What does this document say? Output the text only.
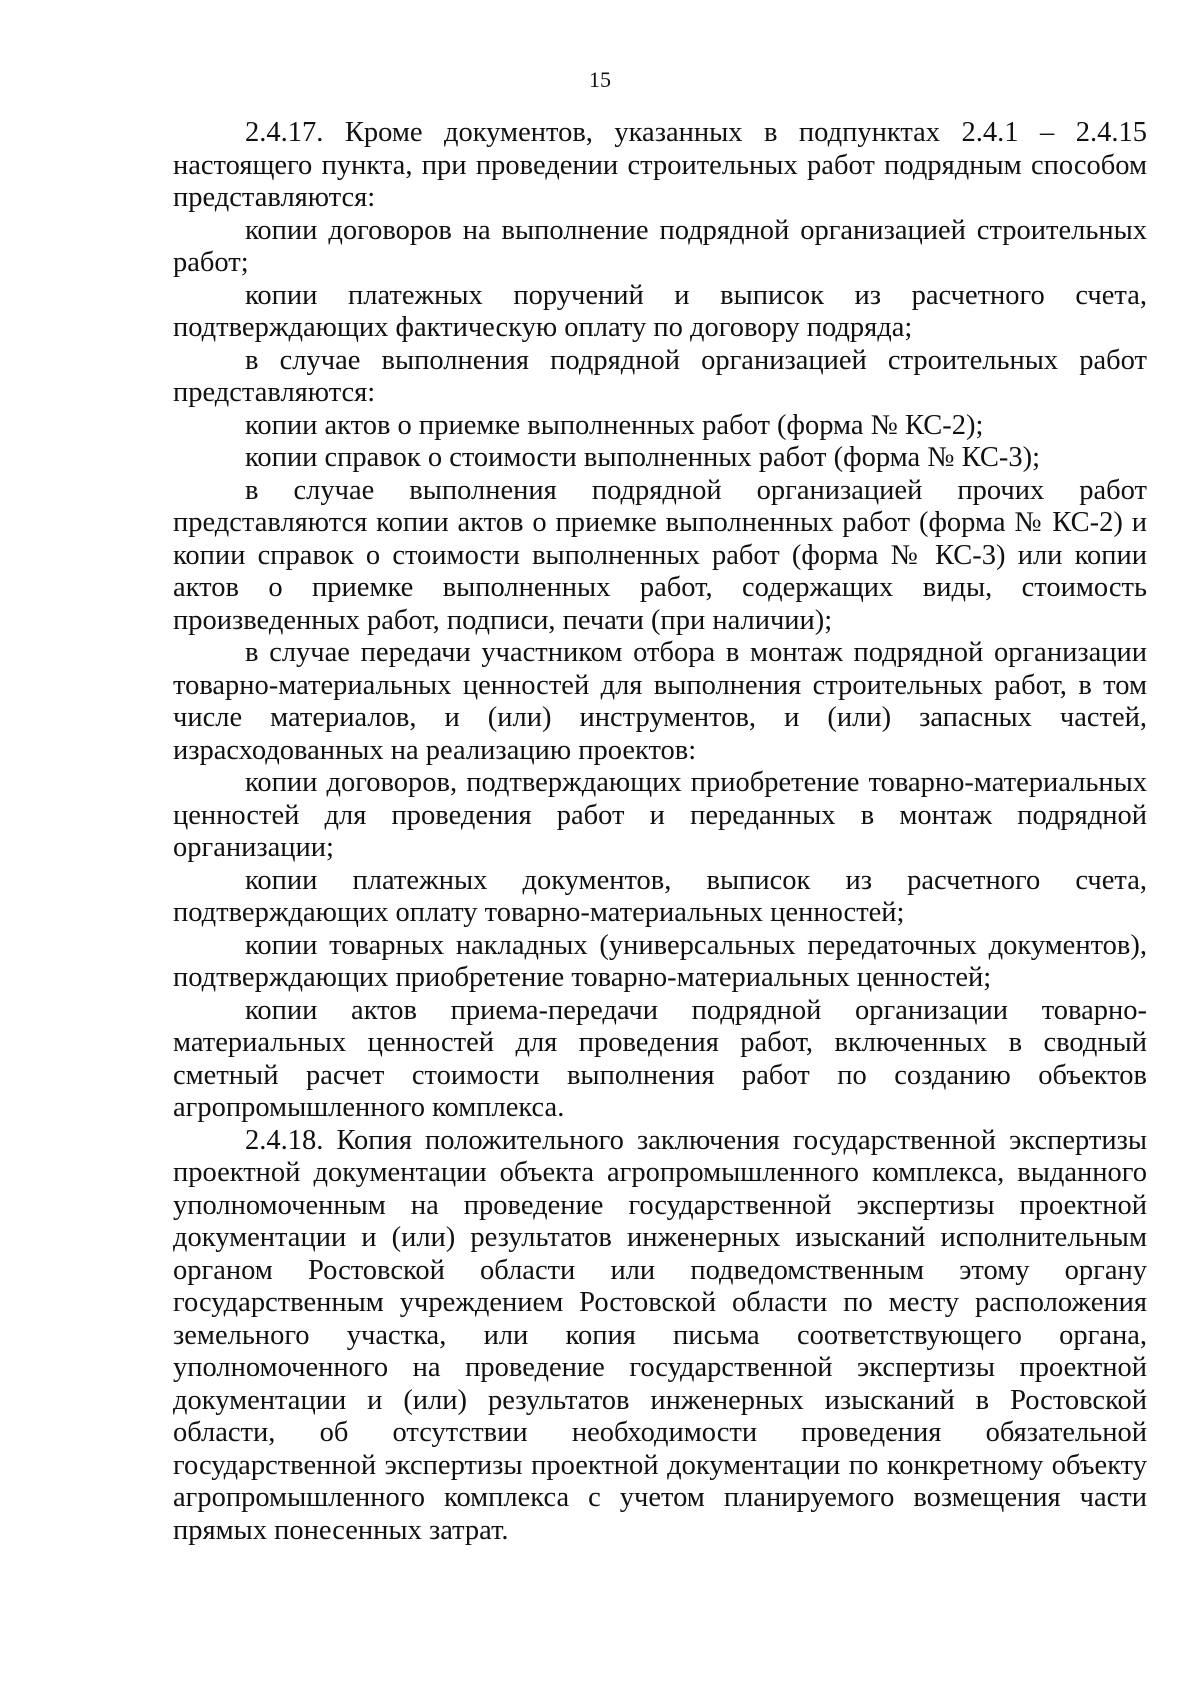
15

2.4.17. Кроме документов, указанных в подпунктах 2.4.1 – 2.4.15 настоящего пункта, при проведении строительных работ подрядным способом представляются:

копии договоров на выполнение подрядной организацией строительных работ;

копии платежных поручений и выписок из расчетного счета, подтверждающих фактическую оплату по договору подряда;

в случае выполнения подрядной организацией строительных работ представляются:

копии актов о приемке выполненных работ (форма № КС-2);

копии справок о стоимости выполненных работ (форма № КС-3);

в случае выполнения подрядной организацией прочих работ представляются копии актов о приемке выполненных работ (форма № КС-2) и копии справок о стоимости выполненных работ (форма № КС-3) или копии актов о приемке выполненных работ, содержащих виды, стоимость произведенных работ, подписи, печати (при наличии);

в случае передачи участником отбора в монтаж подрядной организации товарно-материальных ценностей для выполнения строительных работ, в том числе материалов, и (или) инструментов, и (или) запасных частей, израсходованных на реализацию проектов:

копии договоров, подтверждающих приобретение товарно-материальных ценностей для проведения работ и переданных в монтаж подрядной организации;

копии платежных документов, выписок из расчетного счета, подтверждающих оплату товарно-материальных ценностей;

копии товарных накладных (универсальных передаточных документов), подтверждающих приобретение товарно-материальных ценностей;

копии актов приема-передачи подрядной организации товарно-материальных ценностей для проведения работ, включенных в сводный сметный расчет стоимости выполнения работ по созданию объектов агропромышленного комплекса.

2.4.18. Копия положительного заключения государственной экспертизы проектной документации объекта агропромышленного комплекса, выданного уполномоченным на проведение государственной экспертизы проектной документации и (или) результатов инженерных изысканий исполнительным органом Ростовской области или подведомственным этому органу государственным учреждением Ростовской области по месту расположения земельного участка, или копия письма соответствующего органа, уполномоченного на проведение государственной экспертизы проектной документации и (или) результатов инженерных изысканий в Ростовской области, об отсутствии необходимости проведения обязательной государственной экспертизы проектной документации по конкретному объекту агропромышленного комплекса с учетом планируемого возмещения части прямых понесенных затрат.
